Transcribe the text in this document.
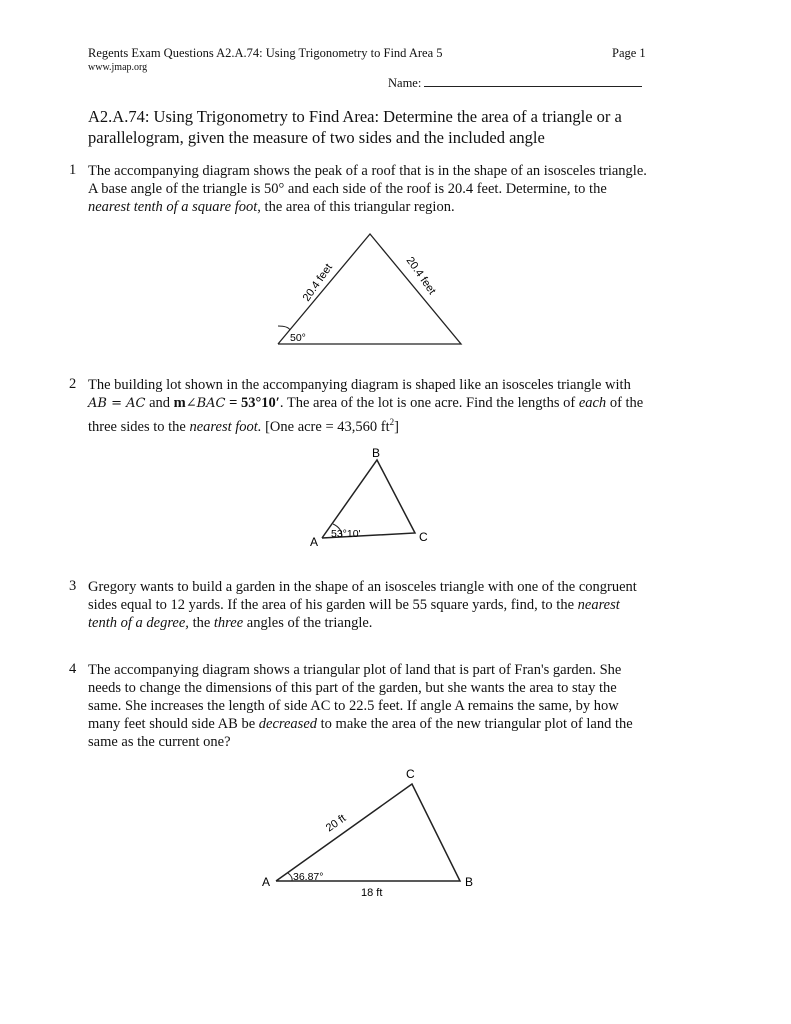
Regents Exam Questions A2.A.74: Using Trigonometry to Find Area 5	Page 1
www.jmap.org
Name:
A2.A.74: Using Trigonometry to Find Area: Determine the area of a triangle or a parallelogram, given the measure of two sides and the included angle
1 The accompanying diagram shows the peak of a roof that is in the shape of an isosceles triangle. A base angle of the triangle is 50° and each side of the roof is 20.4 feet. Determine, to the nearest tenth of a square foot, the area of this triangular region.
50°
20.4 feet	20.4 feet
2 The building lot shown in the accompanying diagram is shaped like an isosceles triangle with AB = AC and m∠BAC = 53°10′. The area of the lot is one acre. Find the lengths of each of the three sides to the nearest foot. [One acre = 43,560 $ft^2$]
53°10'
A
B
C
3 Gregory wants to build a garden in the shape of an isosceles triangle with one of the congruent sides equal to 12 yards. If the area of his garden will be 55 square yards, find, to the nearest tenth of a degree, the three angles of the triangle.
4 The accompanying diagram shows a triangular plot of land that is part of Fran's garden. She needs to change the dimensions of this part of the garden, but she wants the area to stay the same. She increases the length of side AC to 22.5 feet. If angle A remains the same, by how many feet should side AB be decreased to make the area of the new triangular plot of land the same as the current one?
36.87°
20 ft
18 ft
A
C
B
